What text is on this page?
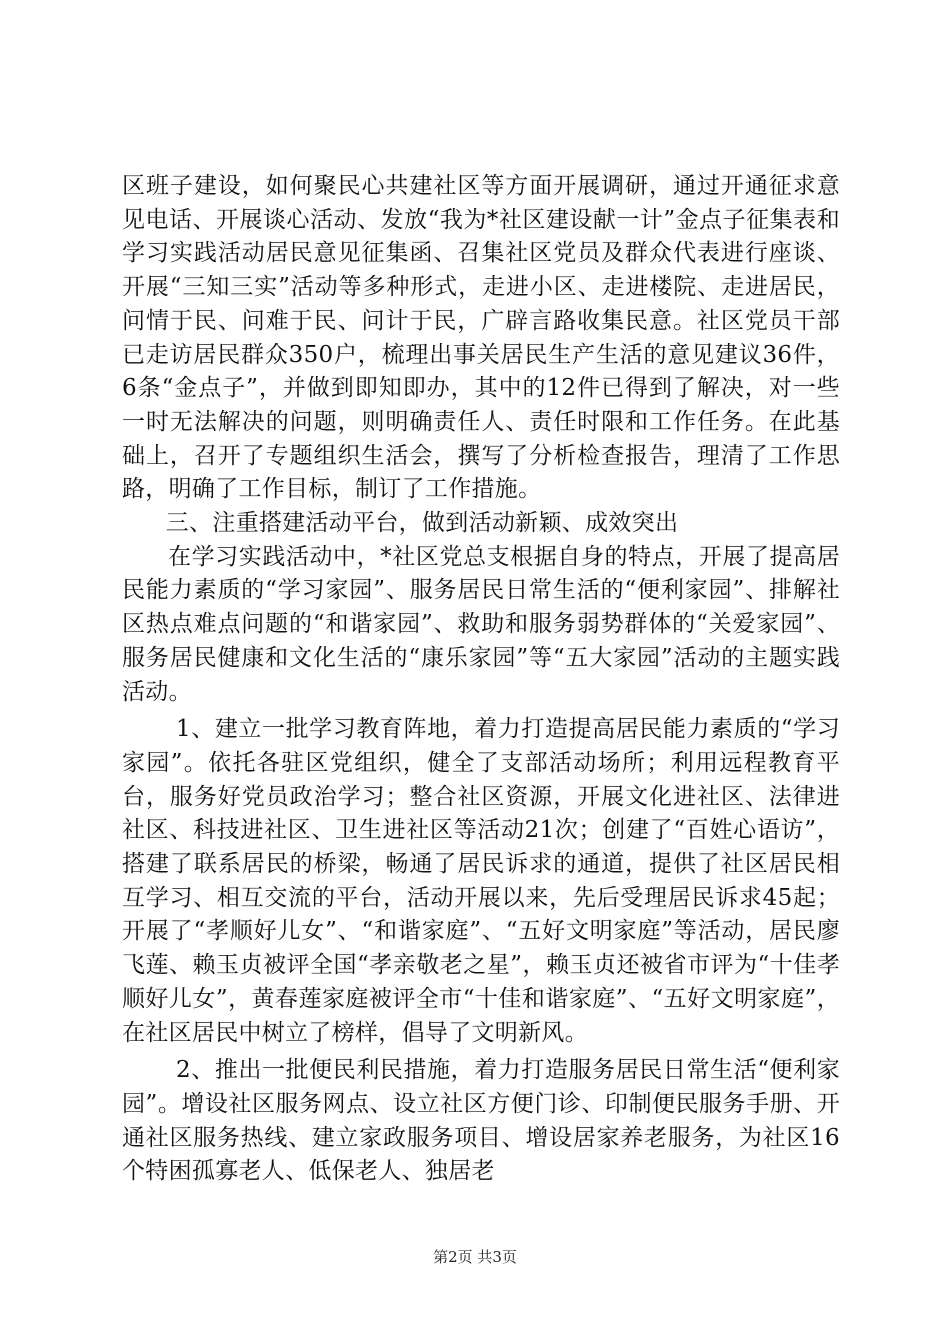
区班子建设，如何聚民心共建社区等方面开展调研，通过开通征求意见电话、开展谈心活动、发放“我为*社区建设献一计”金点子征集表和学习实践活动居民意见征集函、召集社区党员及群众代表进行座谈、开展“三知三实”活动等多种形式，走进小区、走进楼院、走进居民，问情于民、问难于民、问计于民，广辟言路收集民意。社区党员干部已走访居民群众350户，梳理出事关居民生产生活的意见建议36件，6条“金点子”，并做到即知即办，其中的12件已得到了解决，对一些一时无法解决的问题，则明确责任人、责任时限和工作任务。在此基础上，召开了专题组织生活会，撰写了分析检查报告，理清了工作思路，明确了工作目标，制订了工作措施。

三、注重搭建活动平台，做到活动新颖、成效突出

在学习实践活动中，*社区党总支根据自身的特点，开展了提高居民能力素质的“学习家园”、服务居民日常生活的“便利家园”、排解社区热点难点问题的“和谐家园”、救助和服务弱势群体的“关爱家园”、服务居民健康和文化生活的“康乐家园”等“五大家园”活动的主题实践活动。

1、建立一批学习教育阵地，着力打造提高居民能力素质的“学习家园”。依托各驻区党组织，健全了支部活动场所；利用远程教育平台，服务好党员政治学习；整合社区资源，开展文化进社区、法律进社区、科技进社区、卫生进社区等活动21次；创建了“百姓心语访”，搭建了联系居民的桥梁，畅通了居民诉求的通道，提供了社区居民相互学习、相互交流的平台，活动开展以来，先后受理居民诉求45起；开展了“孝顺好儿女”、“和谐家庭”、“五好文明家庭”等活动，居民廖飞莲、赖玉贞被评全国“孝亲敬老之星”，赖玉贞还被省市评为“十佳孝顺好儿女”，黄春莲家庭被评全市“十佳和谐家庭”、“五好文明家庭”，在社区居民中树立了榜样，倡导了文明新风。

2、推出一批便民利民措施，着力打造服务居民日常生活“便利家园”。增设社区服务网点、设立社区方便门诊、印制便民服务手册、开通社区服务热线、建立家政服务项目、增设居家养老服务，为社区16个特困孤寡老人、低保老人、独居老

第2页 共3页
